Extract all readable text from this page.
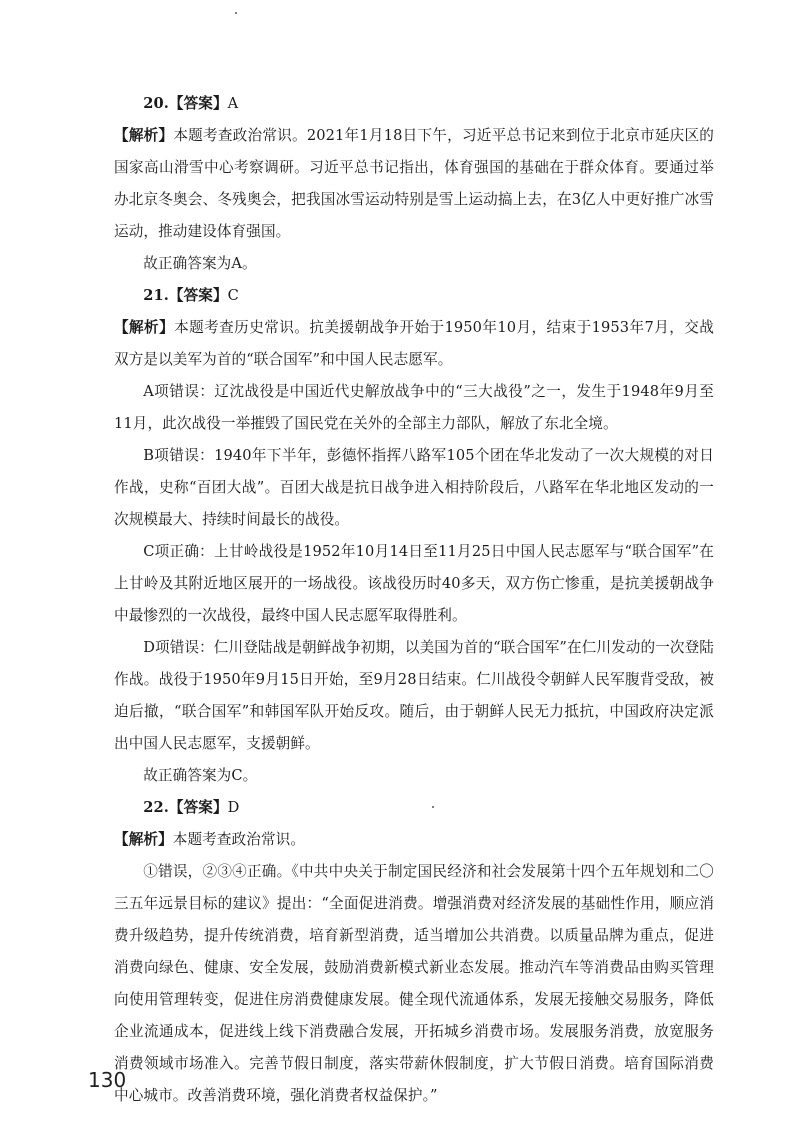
20.【答案】A

【解析】本题考查政治常识。2021年1月18日下午，习近平总书记来到位于北京市延庆区的国家高山滑雪中心考察调研。习近平总书记指出，体育强国的基础在于群众体育。要通过举办北京冬奥会、冬残奥会，把我国冰雪运动特别是雪上运动搞上去，在3亿人中更好推广冰雪运动，推动建设体育强国。

故正确答案为A。

21.【答案】C

【解析】本题考查历史常识。抗美援朝战争开始于1950年10月，结束于1953年7月，交战双方是以美军为首的“联合国军”和中国人民志愿军。

A项错误：辽沈战役是中国近代史解放战争中的“三大战役”之一，发生于1948年9月至11月，此次战役一举摧毁了国民党在关外的全部主力部队，解放了东北全境。

B项错误：1940年下半年，彭德怀指挥八路军105个团在华北发动了一次大规模的对日作战，史称“百团大战”。百团大战是抗日战争进入相持阶段后，八路军在华北地区发动的一次规模最大、持续时间最长的战役。

C项正确：上甘岭战役是1952年10月14日至11月25日中国人民志愿军与“联合国军”在上甘岭及其附近地区展开的一场战役。该战役历时40多天，双方伤亡惨重，是抗美援朝战争中最惨烈的一次战役，最终中国人民志愿军取得胜利。

D项错误：仁川登陆战是朝鲜战争初期，以美国为首的“联合国军”在仁川发动的一次登陆作战。战役于1950年9月15日开始，至9月28日结束。仁川战役令朝鲜人民军腹背受敌，被迫后撤，“联合国军”和韩国军队开始反攻。随后，由于朝鲜人民无力抵抗，中国政府决定派出中国人民志愿军，支援朝鲜。

故正确答案为C。

22.【答案】D

【解析】本题考查政治常识。

①错误，②③④正确。《中共中央关于制定国民经济和社会发展第十四个五年规划和二〇三五年远景目标的建议》提出：“全面促进消费。增强消费对经济发展的基础性作用，顺应消费升级趋势，提升传统消费，培育新型消费，适当增加公共消费。以质量品牌为重点，促进消费向绿色、健康、安全发展，鼓励消费新模式新业态发展。推动汽车等消费品由购买管理向使用管理转变，促进住房消费健康发展。健全现代流通体系，发展无接触交易服务，降低企业流通成本，促进线上线下消费融合发展，开拓城乡消费市场。发展服务消费，放宽服务消费领域市场准入。完善节假日制度，落实带薪休假制度，扩大节假日消费。培育国际消费中心城市。改善消费环境，强化消费者权益保护。”

130
